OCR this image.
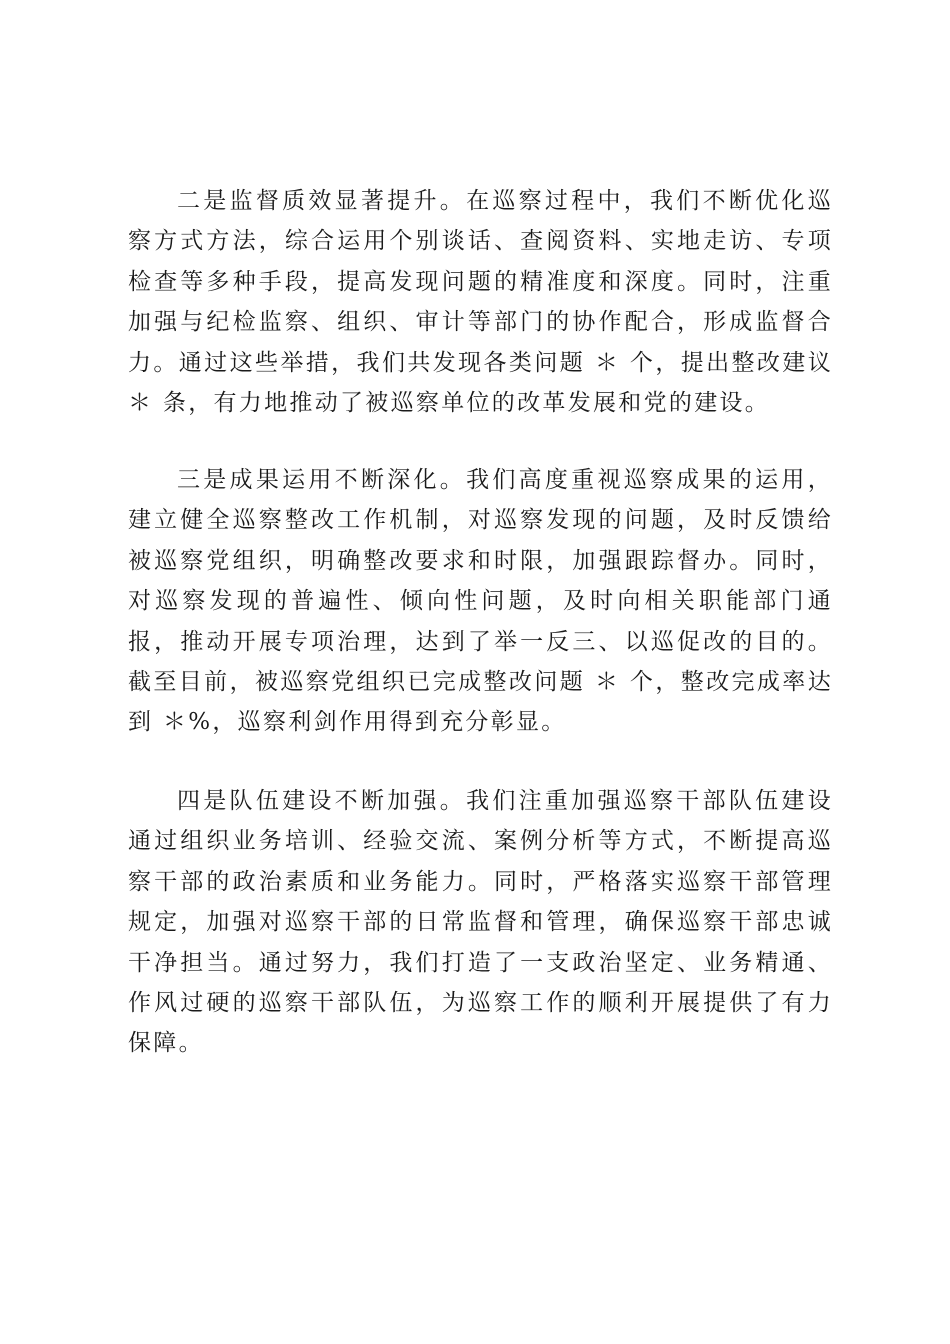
二是监督质效显著提升。在巡察过程中，我们不断优化巡察方式方法，综合运用个别谈话、查阅资料、实地走访、专项检查等多种手段，提高发现问题的精准度和深度。同时，注重加强与纪检监察、组织、审计等部门的协作配合，形成监督合力。通过这些举措，我们共发现各类问题 ＊ 个，提出整改建议 ＊ 条，有力地推动了被巡察单位的改革发展和党的建设。

三是成果运用不断深化。我们高度重视巡察成果的运用，建立健全巡察整改工作机制，对巡察发现的问题，及时反馈给被巡察党组织，明确整改要求和时限，加强跟踪督办。同时，对巡察发现的普遍性、倾向性问题，及时向相关职能部门通报，推动开展专项治理，达到了举一反三、以巡促改的目的。截至目前，被巡察党组织已完成整改问题 ＊ 个，整改完成率达到 ＊%，巡察利剑作用得到充分彰显。

四是队伍建设不断加强。我们注重加强巡察干部队伍建设通过组织业务培训、经验交流、案例分析等方式，不断提高巡察干部的政治素质和业务能力。同时，严格落实巡察干部管理规定，加强对巡察干部的日常监督和管理，确保巡察干部忠诚干净担当。通过努力，我们打造了一支政治坚定、业务精通、作风过硬的巡察干部队伍，为巡察工作的顺利开展提供了有力保障。
